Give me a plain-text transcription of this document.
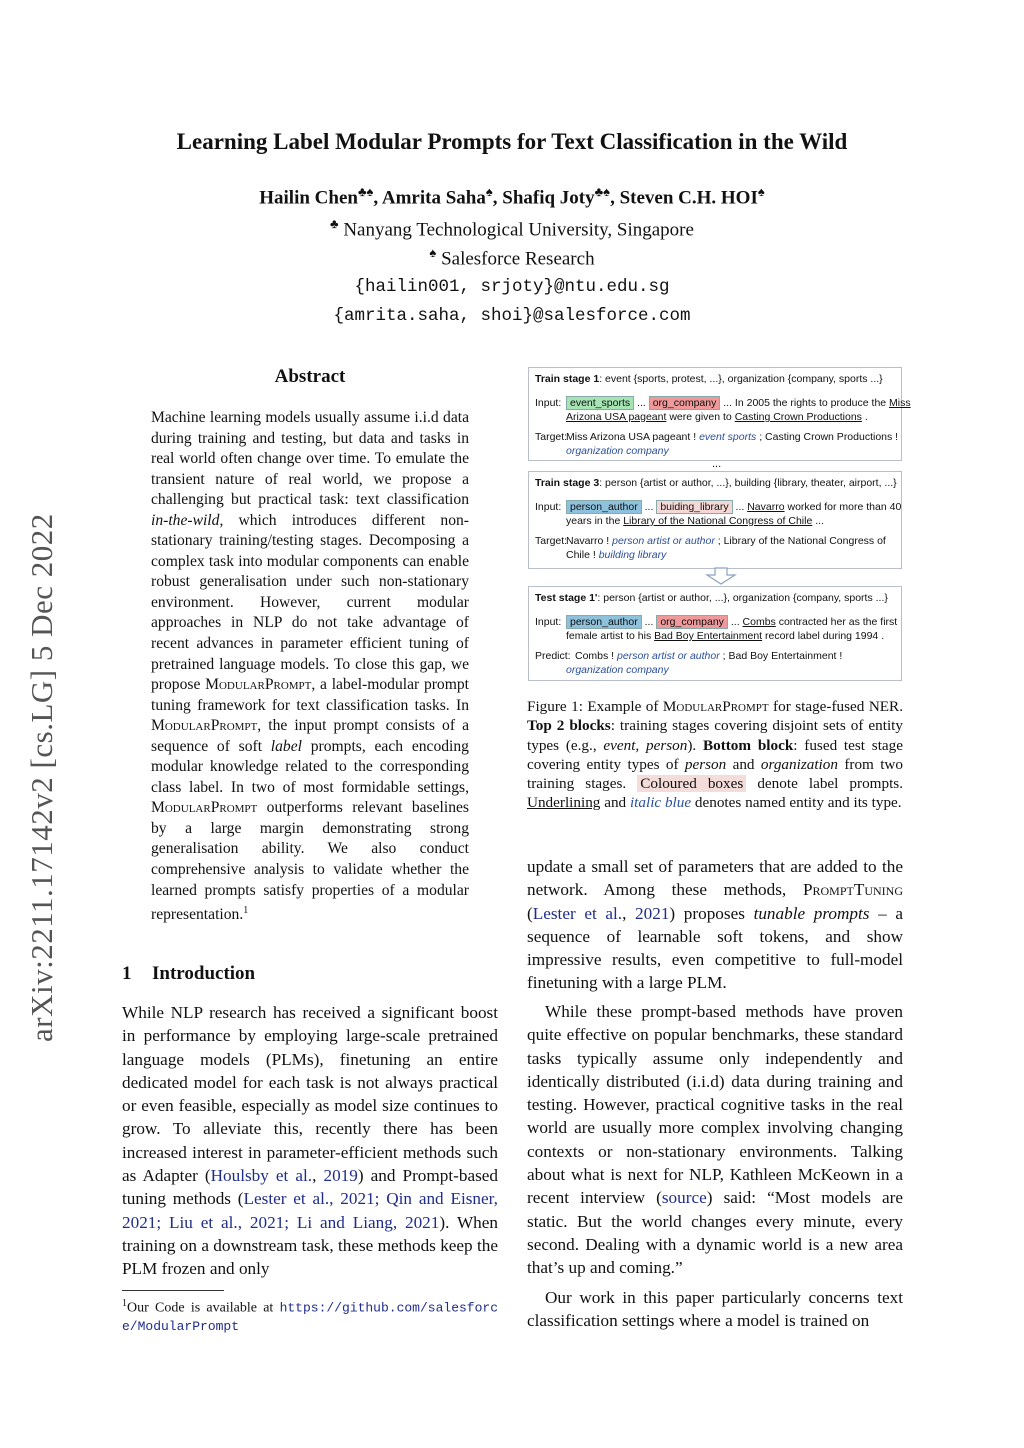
arXiv:2211.17142v2 [cs.LG] 5 Dec 2022
Learning Label Modular Prompts for Text Classification in the Wild
Hailin Chen♣♠, Amrita Saha♠, Shafiq Joty♣♠, Steven C.H. HOI♠
♣ Nanyang Technological University, Singapore
♠ Salesforce Research
{hailin001, srjoty}@ntu.edu.sg
{amrita.saha, shoi}@salesforce.com
Abstract
Machine learning models usually assume i.i.d data during training and testing, but data and tasks in real world often change over time. To emulate the transient nature of real world, we propose a challenging but practical task: text classification in-the-wild, which introduces different non-stationary training/testing stages. Decomposing a complex task into modular components can enable robust generalisation under such non-stationary environment. However, current modular approaches in NLP do not take advantage of recent advances in parameter efficient tuning of pretrained language models. To close this gap, we propose ModularPrompt, a label-modular prompt tuning framework for text classification tasks. In ModularPrompt, the input prompt consists of a sequence of soft label prompts, each encoding modular knowledge related to the corresponding class label. In two of most formidable settings, ModularPrompt outperforms relevant baselines by a large margin demonstrating strong generalisation ability. We also conduct comprehensive analysis to validate whether the learned prompts satisfy properties of a modular representation.$^1$
1 Introduction
While NLP research has received a significant boost in performance by employing large-scale pretrained language models (PLMs), finetuning an entire dedicated model for each task is not always practical or even feasible, especially as model size continues to grow. To alleviate this, recently there has been increased interest in parameter-efficient methods such as Adapter (Houlsby et al., 2019) and Prompt-based tuning methods (Lester et al., 2021; Qin and Eisner, 2021; Liu et al., 2021; Li and Liang, 2021). When training on a downstream task, these methods keep the PLM frozen and only
$^1$Our Code is available at https://github.com/salesforce/ModularPrompt
Train stage 1: event {sports, protest, ...}, organization {company, sports ...}
Input: event_sports ... org_company ... In 2005 the rights to produce the Miss
Arizona USA pageant were given to Casting Crown Productions .
Target:
Miss Arizona USA pageant ! event sports ; Casting Crown Productions !
organization company
...
Train stage 3: person {artist or author, ...}, building {library, theater, airport, ...}
Input: person_author ... buiding_library ... Navarro worked for more than 40
years in the Library of the National Congress of Chile ...
Target:
Navarro ! person artist or author ; Library of the National Congress of
Chile ! building library
Test stage 1': person {artist or author, ...}, organization {company, sports ...}
Input: person_author ... org_company ... Combs contracted her as the first
female artist to his Bad Boy Entertainment record label during 1994 .
Predict: Combs ! person artist or author ; Bad Boy Entertainment !
organization company
Figure 1: Example of ModularPrompt for stage-fused NER. Top 2 blocks: training stages covering disjoint sets of entity types (e.g., event, person). Bottom block: fused test stage covering entity types of person and organization from two training stages. Coloured boxes denote label prompts. Underlining and italic blue denotes named entity and its type.
update a small set of parameters that are added to the network. Among these methods, PromptTuning (Lester et al., 2021) proposes tunable prompts – a sequence of learnable soft tokens, and show impressive results, even competitive to full-model finetuning with a large PLM.
While these prompt-based methods have proven quite effective on popular benchmarks, these standard tasks typically assume only independently and identically distributed (i.i.d) data during training and testing. However, practical cognitive tasks in the real world are usually more complex involving changing contexts or non-stationary environments. Talking about what is next for NLP, Kathleen McKeown in a recent interview (source) said: “Most models are static. But the world changes every minute, every second. Dealing with a dynamic world is a new area that’s up and coming.”
Our work in this paper particularly concerns text classification settings where a model is trained on
